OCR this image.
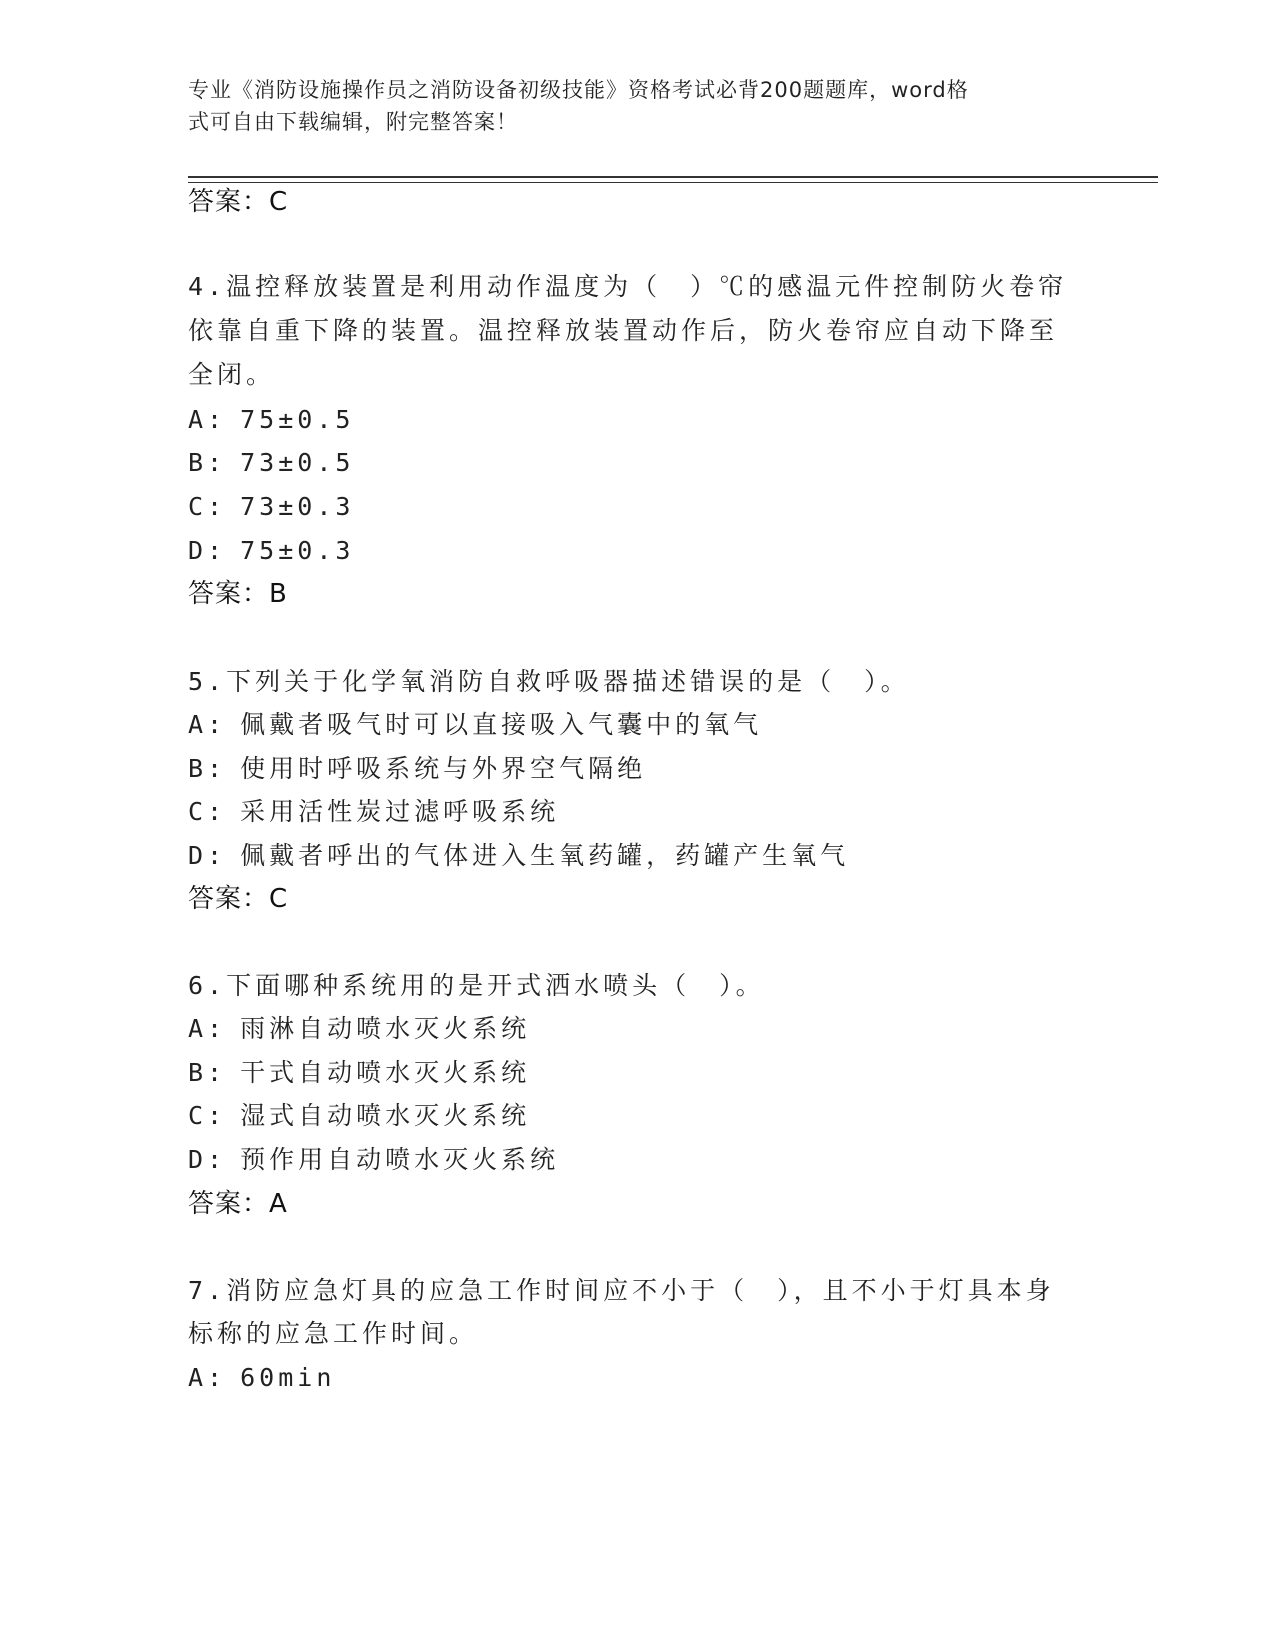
专业《消防设施操作员之消防设备初级技能》资格考试必背200题题库，word格
式可自由下载编辑，附完整答案！
答案：C
4.温控释放装置是利用动作温度为（　）℃的感温元件控制防火卷帘
依靠自重下降的装置。温控释放装置动作后，防火卷帘应自动下降至
全闭。
A: 75±0.5
B: 73±0.5
C: 73±0.3
D: 75±0.3
答案：B
5.下列关于化学氧消防自救呼吸器描述错误的是（　）。
A: 佩戴者吸气时可以直接吸入气囊中的氧气
B: 使用时呼吸系统与外界空气隔绝
C: 采用活性炭过滤呼吸系统
D: 佩戴者呼出的气体进入生氧药罐，药罐产生氧气
答案：C
6.下面哪种系统用的是开式洒水喷头（　）。
A: 雨淋自动喷水灭火系统
B: 干式自动喷水灭火系统
C: 湿式自动喷水灭火系统
D: 预作用自动喷水灭火系统
答案：A
7.消防应急灯具的应急工作时间应不小于（　），且不小于灯具本身
标称的应急工作时间。
A: 60min
